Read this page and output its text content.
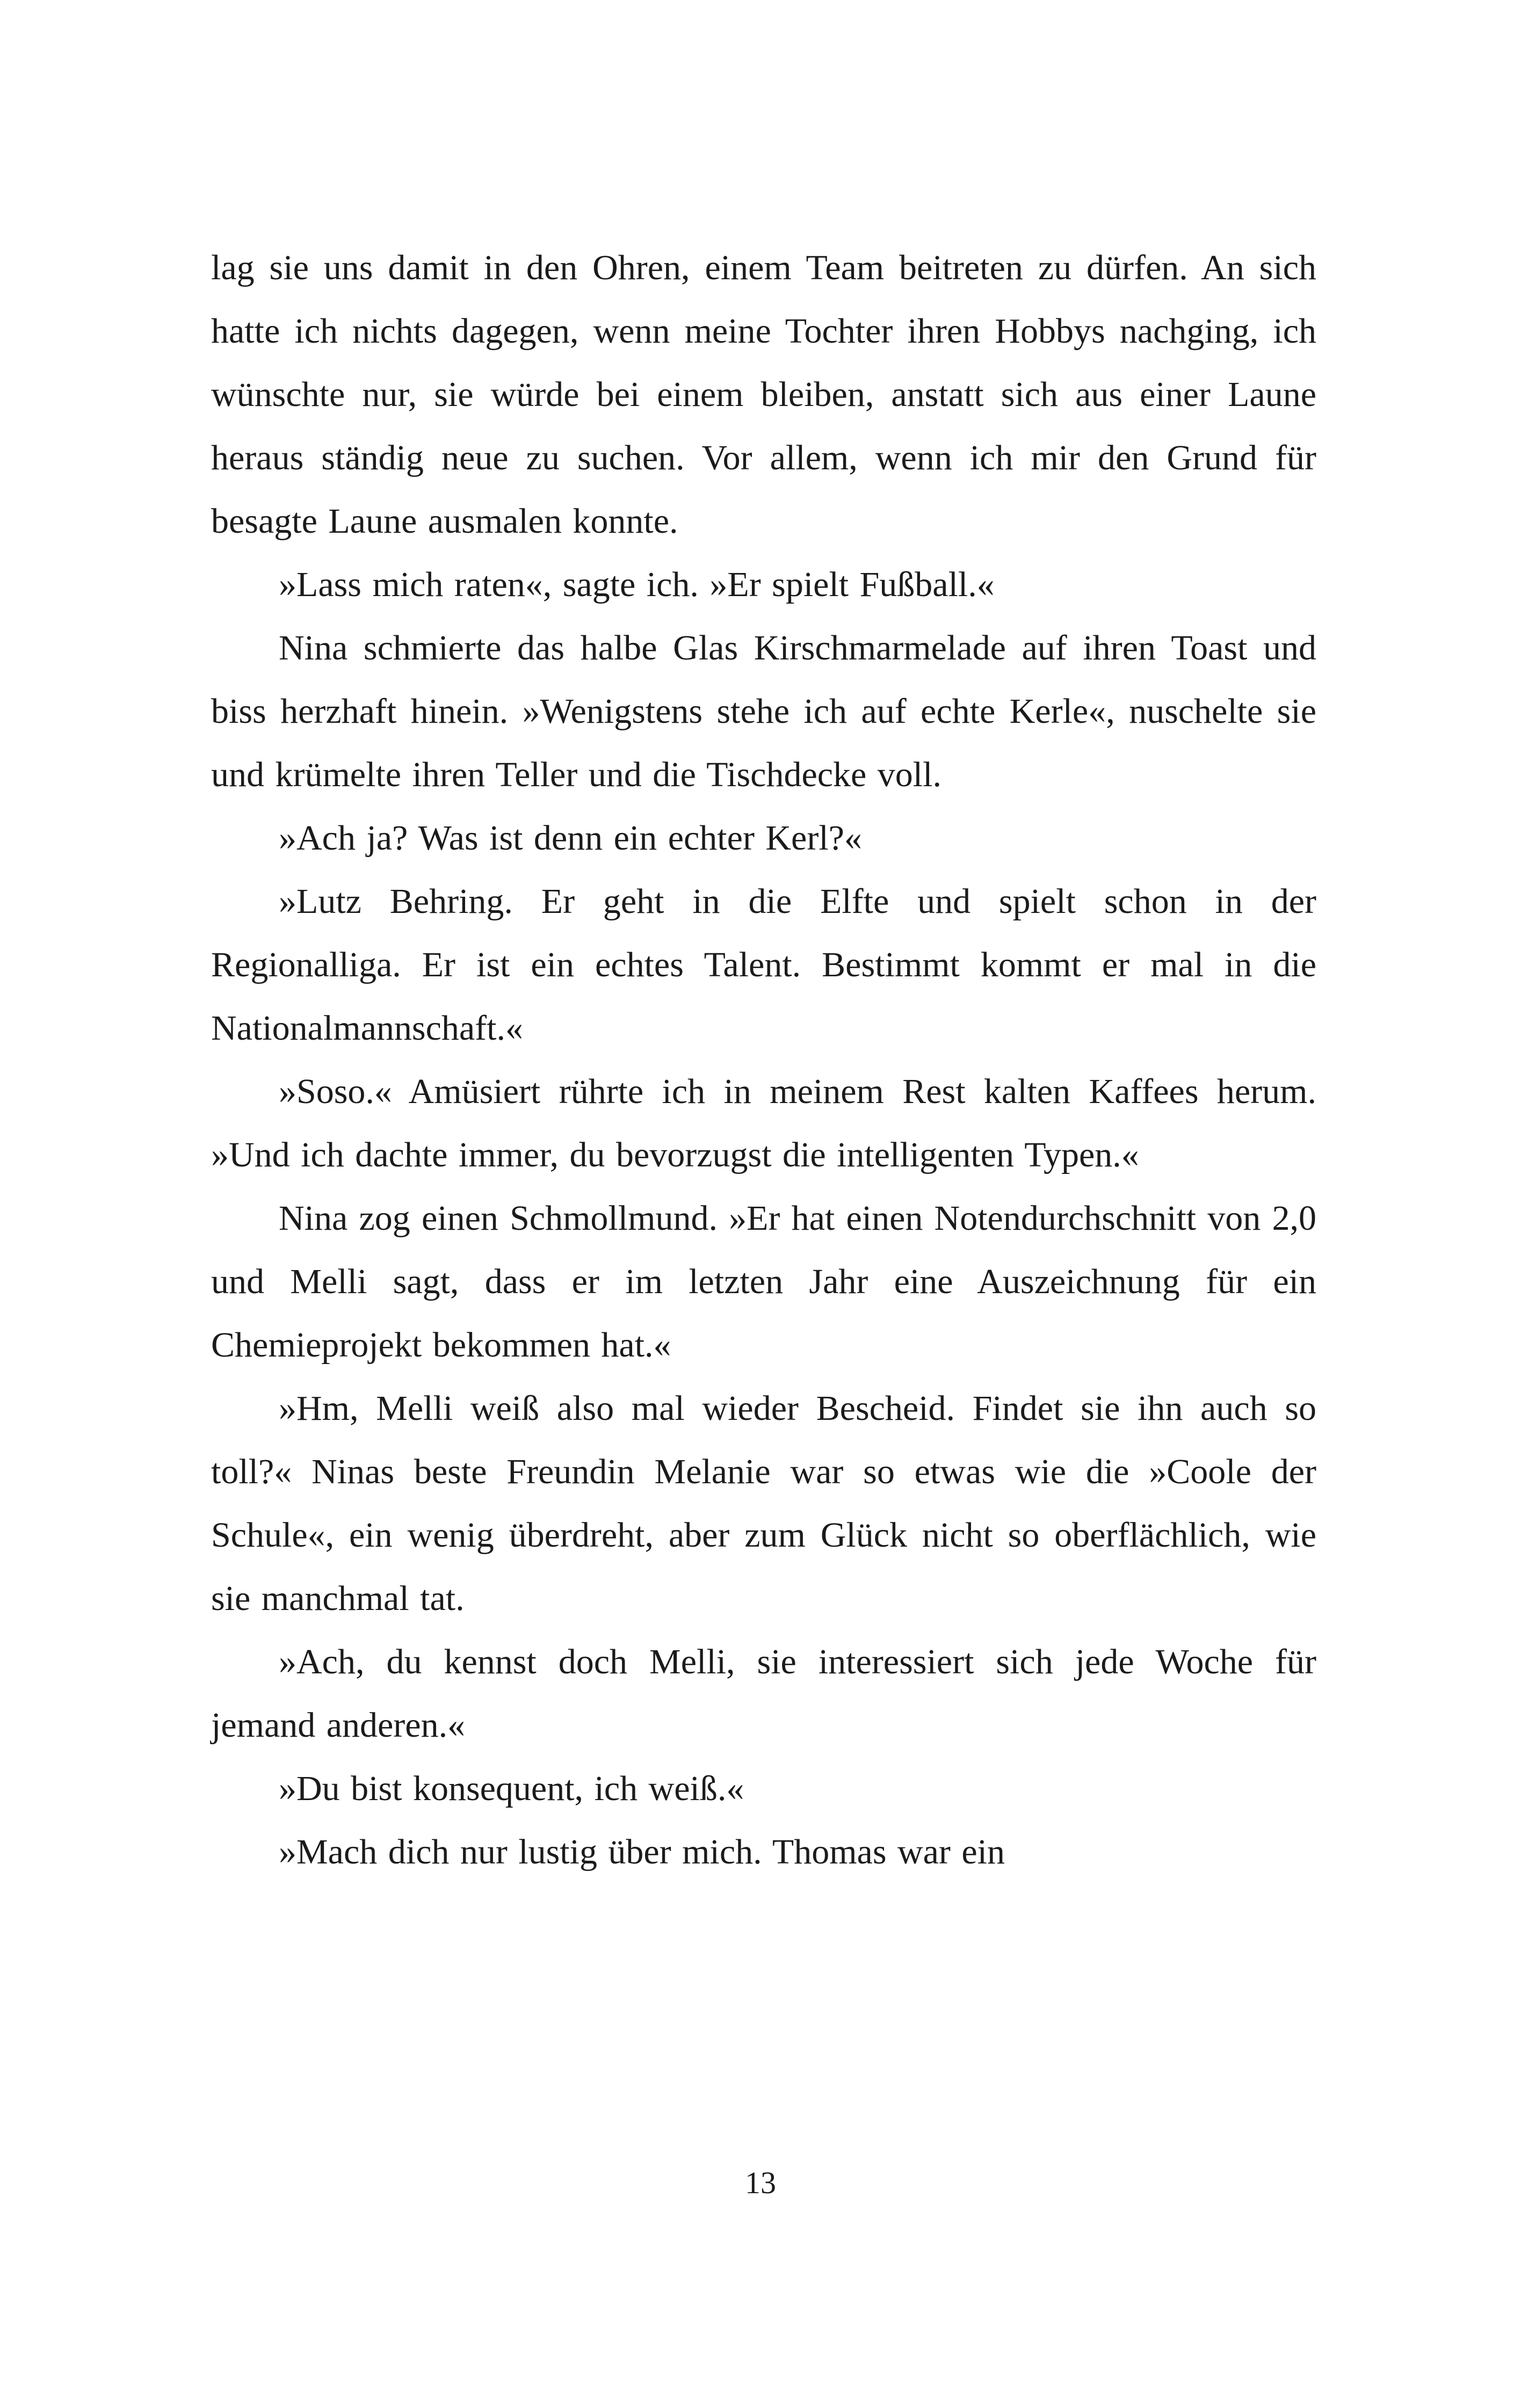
lag sie uns damit in den Ohren, einem Team beitreten zu dürfen. An sich hatte ich nichts dagegen, wenn meine Tochter ihren Hobbys nachging, ich wünschte nur, sie würde bei einem bleiben, anstatt sich aus einer Laune heraus ständig neue zu suchen. Vor allem, wenn ich mir den Grund für besagte Laune ausmalen konnte.

»Lass mich raten«, sagte ich. »Er spielt Fußball.«

Nina schmierte das halbe Glas Kirschmarmelade auf ihren Toast und biss herzhaft hinein. »Wenigstens stehe ich auf echte Kerle«, nuschelte sie und krümelte ihren Teller und die Tischdecke voll.

»Ach ja? Was ist denn ein echter Kerl?«

»Lutz Behring. Er geht in die Elfte und spielt schon in der Regionalliga. Er ist ein echtes Talent. Bestimmt kommt er mal in die Nationalmannschaft.«

»Soso.« Amüsiert rührte ich in meinem Rest kalten Kaffees herum. »Und ich dachte immer, du bevorzugst die intelligenten Typen.«

Nina zog einen Schmollmund. »Er hat einen Notendurchschnitt von 2,0 und Melli sagt, dass er im letzten Jahr eine Auszeichnung für ein Chemieprojekt bekommen hat.«

»Hm, Melli weiß also mal wieder Bescheid. Findet sie ihn auch so toll?« Ninas beste Freundin Melanie war so etwas wie die »Coole der Schule«, ein wenig überdreht, aber zum Glück nicht so oberflächlich, wie sie manchmal tat.

»Ach, du kennst doch Melli, sie interessiert sich jede Woche für jemand anderen.«

»Du bist konsequent, ich weiß.«

»Mach dich nur lustig über mich. Thomas war ein

13
